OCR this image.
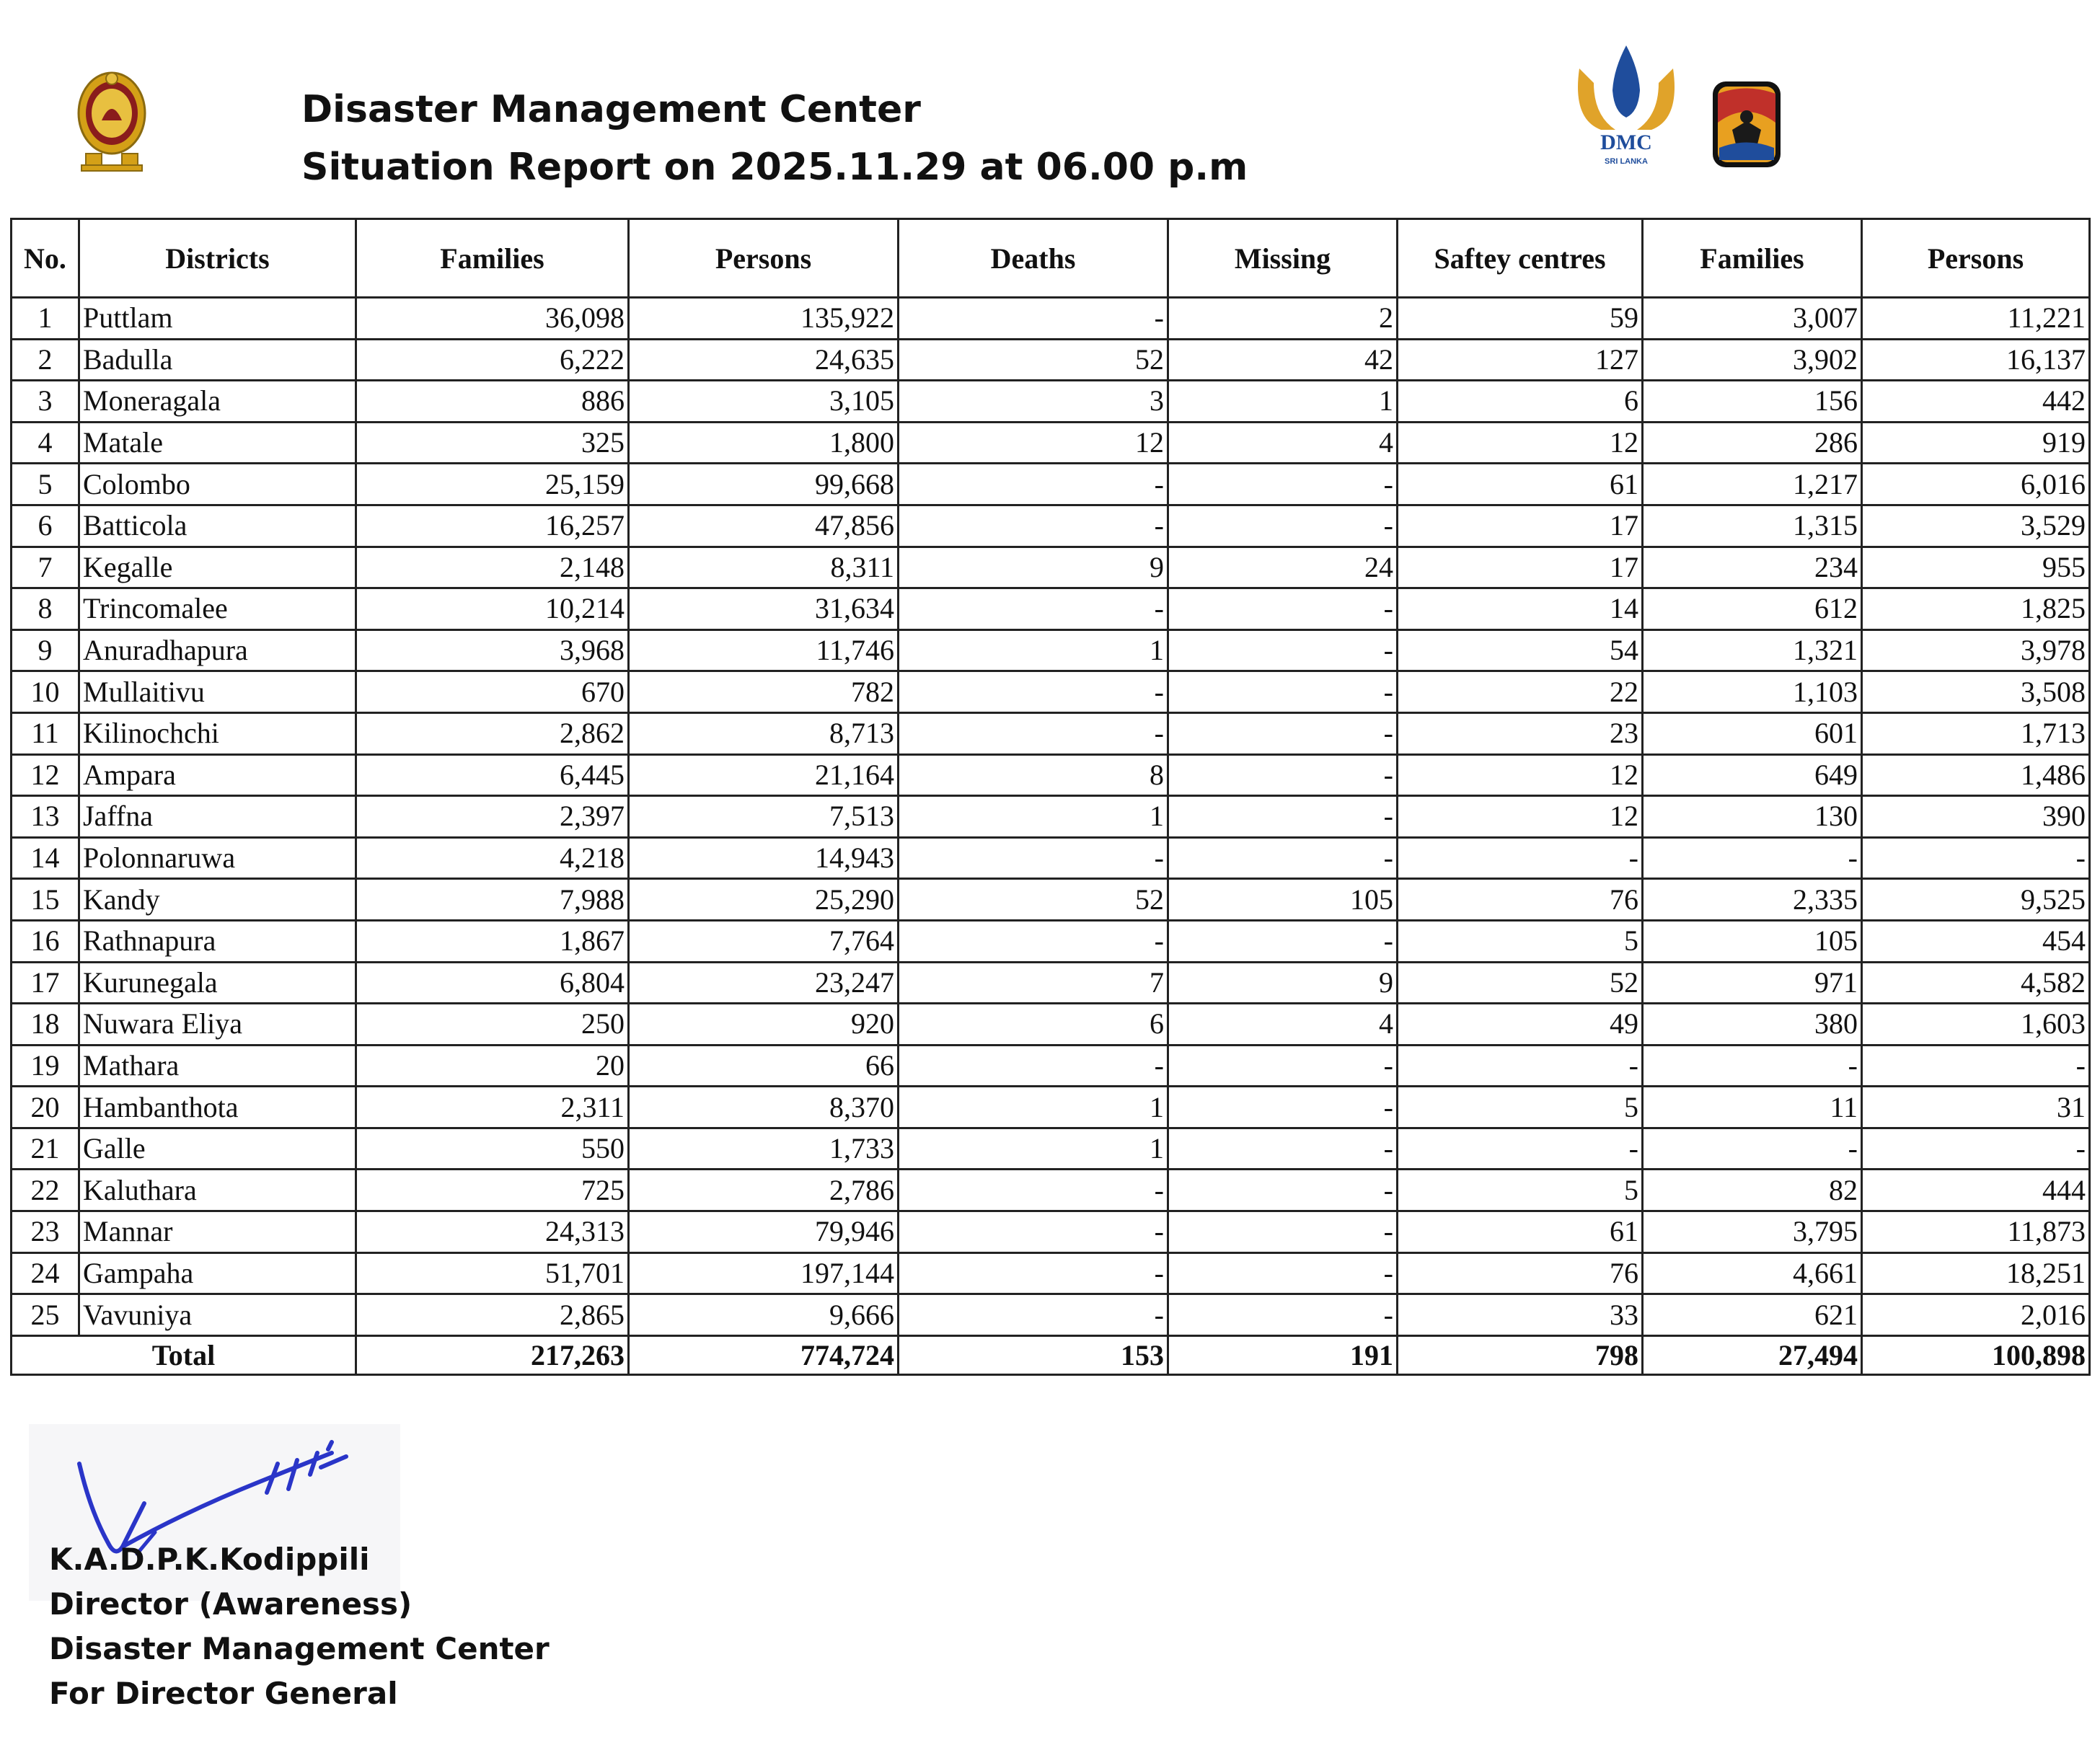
Disaster Management Center
Situation Report on 2025.11.29 at 06.00 p.m
DMC
SRI LANKA
No.	Districts	Families	Persons	Deaths	Missing	Saftey centres	Families	Persons
1	Puttlam	36,098	135,922	-	2	59	3,007	11,221
2	Badulla	6,222	24,635	52	42	127	3,902	16,137
3	Moneragala	886	3,105	3	1	6	156	442
4	Matale	325	1,800	12	4	12	286	919
5	Colombo	25,159	99,668	-	-	61	1,217	6,016
6	Batticola	16,257	47,856	-	-	17	1,315	3,529
7	Kegalle	2,148	8,311	9	24	17	234	955
8	Trincomalee	10,214	31,634	-	-	14	612	1,825
9	Anuradhapura	3,968	11,746	1	-	54	1,321	3,978
10	Mullaitivu	670	782	-	-	22	1,103	3,508
11	Kilinochchi	2,862	8,713	-	-	23	601	1,713
12	Ampara	6,445	21,164	8	-	12	649	1,486
13	Jaffna	2,397	7,513	1	-	12	130	390
14	Polonnaruwa	4,218	14,943	-	-	-	-	-
15	Kandy	7,988	25,290	52	105	76	2,335	9,525
16	Rathnapura	1,867	7,764	-	-	5	105	454
17	Kurunegala	6,804	23,247	7	9	52	971	4,582
18	Nuwara Eliya	250	920	6	4	49	380	1,603
19	Mathara	20	66	-	-	-	-	-
20	Hambanthota	2,311	8,370	1	-	5	11	31
21	Galle	550	1,733	1	-	-	-	-
22	Kaluthara	725	2,786	-	-	5	82	444
23	Mannar	24,313	79,946	-	-	61	3,795	11,873
24	Gampaha	51,701	197,144	-	-	76	4,661	18,251
25	Vavuniya	2,865	9,666	-	-	33	621	2,016
Total		217,263	774,724	153	191	798	27,494	100,898
K.A.D.P.K.Kodippili
Director (Awareness)
Disaster Management Center
For Director General
